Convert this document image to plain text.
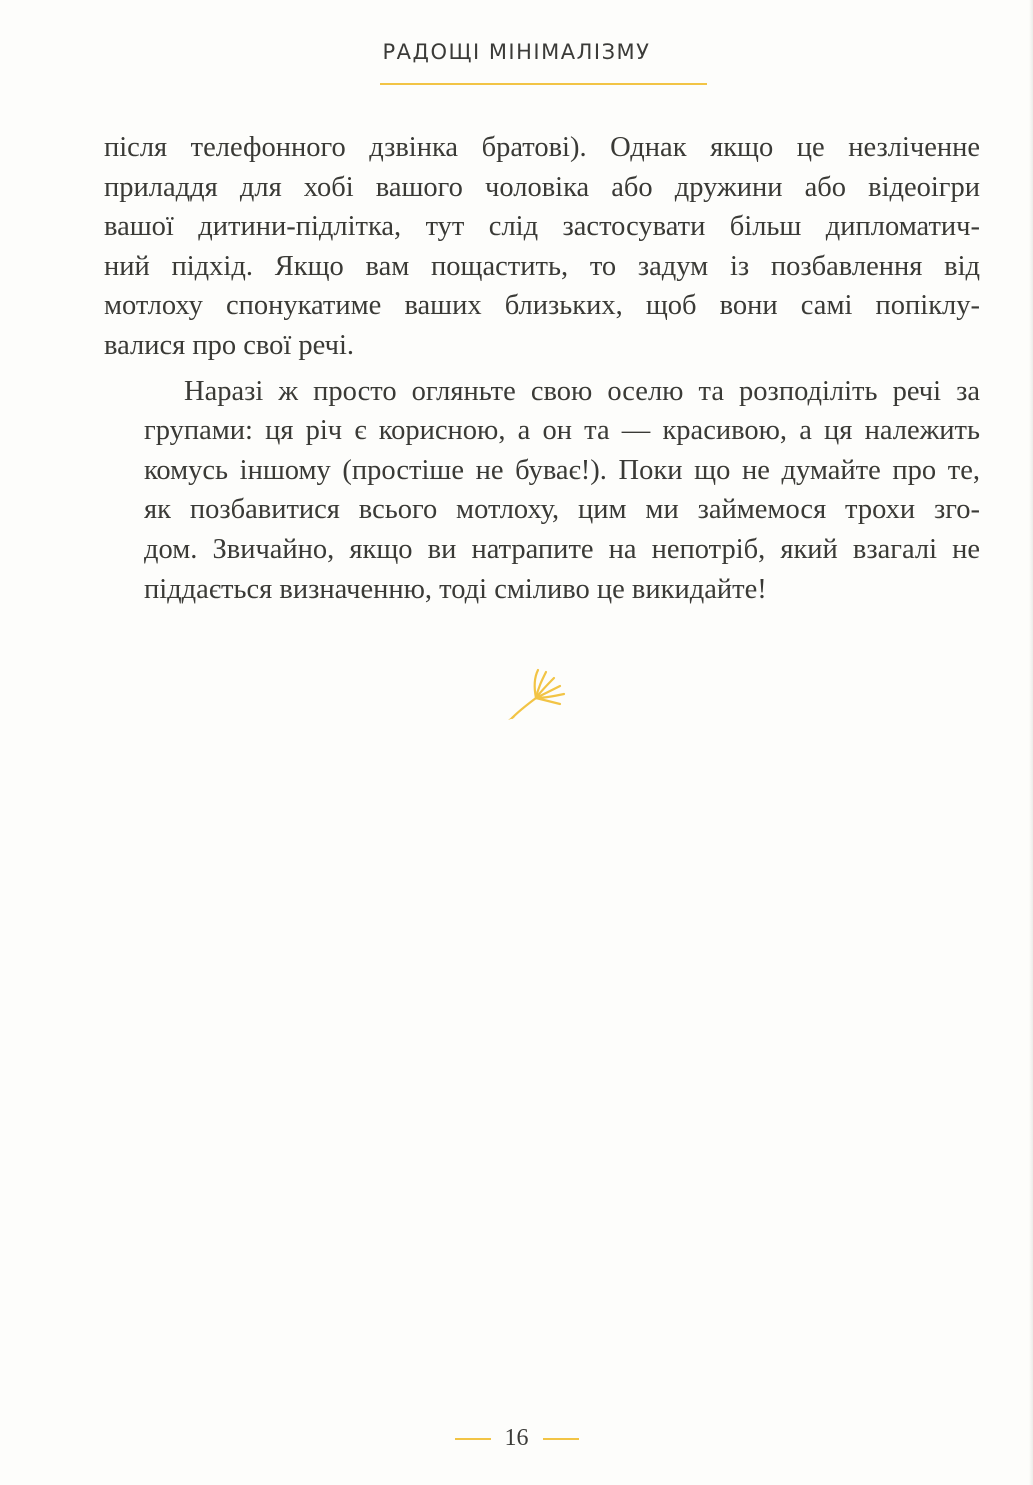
РАДОЩІ МІНІМАЛІЗМУ

після телефонного дзвінка братові). Однак якщо це незліченне
приладдя для хобі вашого чоловіка або дружини або відеоігри
вашої дитини-підлітка, тут слід застосувати більш дипломатич-
ний підхід. Якщо вам пощастить, то задум із позбавлення від
мотлоху спонукатиме ваших близьких, щоб вони самі попіклу-
валися про свої речі.

Наразі ж просто огляньте свою оселю та розподіліть речі за
групами: ця річ є корисною, а он та — красивою, а ця належить
комусь іншому (простіше не буває!). Поки що не думайте про те,
як позбавитися всього мотлоху, цим ми займемося трохи зго-
дом. Звичайно, якщо ви натрапите на непотріб, який взагалі не
піддається визначенню, тоді сміливо це викидайте!

16
